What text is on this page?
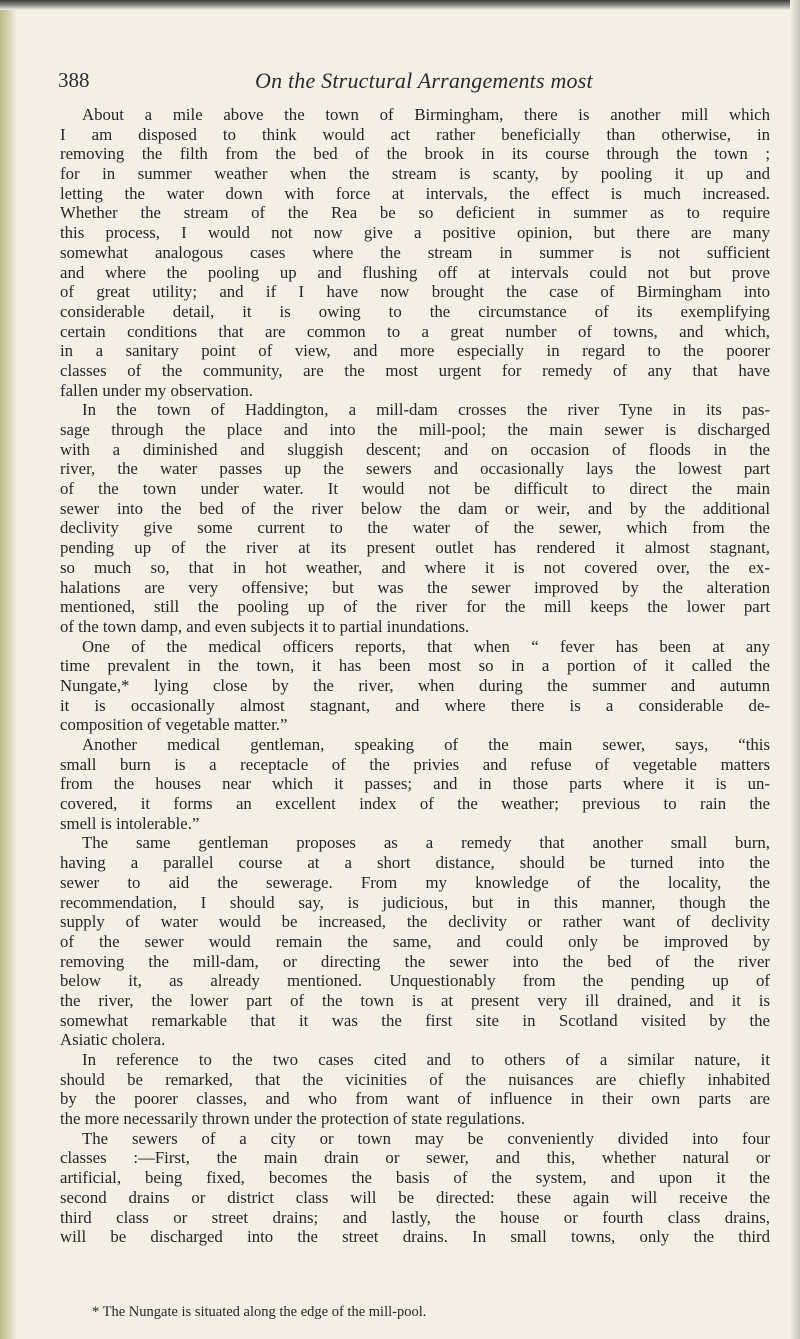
388	On the Structural Arrangements most
About a mile above the town of Birmingham, there is another mill which
I am disposed to think would act rather beneficially than otherwise, in
removing the filth from the bed of the brook in its course through the town ;
for in summer weather when the stream is scanty, by pooling it up and
letting the water down with force at intervals, the effect is much increased.
Whether the stream of the Rea be so deficient in summer as to require
this process, I would not now give a positive opinion, but there are many
somewhat analogous cases where the stream in summer is not sufficient
and where the pooling up and flushing off at intervals could not but prove
of great utility; and if I have now brought the case of Birmingham into
considerable detail, it is owing to the circumstance of its exemplifying
certain conditions that are common to a great number of towns, and which,
in a sanitary point of view, and more especially in regard to the poorer
classes of the community, are the most urgent for remedy of any that have
fallen under my observation.
In the town of Haddington, a mill-dam crosses the river Tyne in its pas-
sage through the place and into the mill-pool; the main sewer is discharged
with a diminished and sluggish descent; and on occasion of floods in the
river, the water passes up the sewers and occasionally lays the lowest part
of the town under water. It would not be difficult to direct the main
sewer into the bed of the river below the dam or weir, and by the additional
declivity give some current to the water of the sewer, which from the
pending up of the river at its present outlet has rendered it almost stagnant,
so much so, that in hot weather, and where it is not covered over, the ex-
halations are very offensive; but was the sewer improved by the alteration
mentioned, still the pooling up of the river for the mill keeps the lower part
of the town damp, and even subjects it to partial inundations.
One of the medical officers reports, that when “ fever has been at any
time prevalent in the town, it has been most so in a portion of it called the
Nungate,* lying close by the river, when during the summer and autumn
it is occasionally almost stagnant, and where there is a considerable de-
composition of vegetable matter.”
Another medical gentleman, speaking of the main sewer, says, “this
small burn is a receptacle of the privies and refuse of vegetable matters
from the houses near which it passes; and in those parts where it is un-
covered, it forms an excellent index of the weather; previous to rain the
smell is intolerable.”
The same gentleman proposes as a remedy that another small burn,
having a parallel course at a short distance, should be turned into the
sewer to aid the sewerage. From my knowledge of the locality, the
recommendation, I should say, is judicious, but in this manner, though the
supply of water would be increased, the declivity or rather want of declivity
of the sewer would remain the same, and could only be improved by
removing the mill-dam, or directing the sewer into the bed of the river
below it, as already mentioned. Unquestionably from the pending up of
the river, the lower part of the town is at present very ill drained, and it is
somewhat remarkable that it was the first site in Scotland visited by the
Asiatic cholera.
In reference to the two cases cited and to others of a similar nature, it
should be remarked, that the vicinities of the nuisances are chiefly inhabited
by the poorer classes, and who from want of influence in their own parts are
the more necessarily thrown under the protection of state regulations.
The sewers of a city or town may be conveniently divided into four
classes :—First, the main drain or sewer, and this, whether natural or
artificial, being fixed, becomes the basis of the system, and upon it the
second drains or district class will be directed: these again will receive the
third class or street drains; and lastly, the house or fourth class drains,
will be discharged into the street drains. In small towns, only the third
* The Nungate is situated along the edge of the mill-pool.
